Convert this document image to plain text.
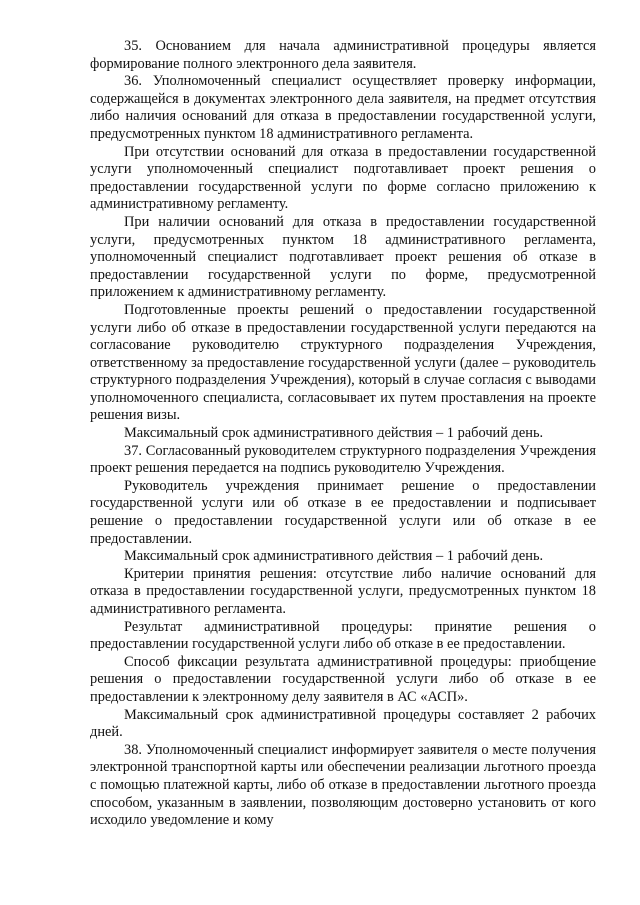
35. Основанием для начала административной процедуры является формирование полного электронного дела заявителя.

36. Уполномоченный специалист осуществляет проверку информации, содержащейся в документах электронного дела заявителя, на предмет отсутствия либо наличия оснований для отказа в предоставлении государственной услуги, предусмотренных пунктом 18 административного регламента.

При отсутствии оснований для отказа в предоставлении государственной услуги уполномоченный специалист подготавливает проект решения о предоставлении государственной услуги по форме согласно приложению к административному регламенту.

При наличии оснований для отказа в предоставлении государственной услуги, предусмотренных пунктом 18 административного регламента, уполномоченный специалист подготавливает проект решения об отказе в предоставлении государственной услуги по форме, предусмотренной приложением к административному регламенту.

Подготовленные проекты решений о предоставлении государственной услуги либо об отказе в предоставлении государственной услуги передаются на согласование руководителю структурного подразделения Учреждения, ответственному за предоставление государственной услуги (далее – руководитель структурного подразделения Учреждения), который в случае согласия с выводами уполномоченного специалиста, согласовывает их путем проставления на проекте решения визы.

Максимальный срок административного действия – 1 рабочий день.

37. Согласованный руководителем структурного подразделения Учреждения проект решения передается на подпись руководителю Учреждения.

Руководитель учреждения принимает решение о предоставлении государственной услуги или об отказе в ее предоставлении и подписывает решение о предоставлении государственной услуги или об отказе в ее предоставлении.

Максимальный срок административного действия – 1 рабочий день.

Критерии принятия решения: отсутствие либо наличие оснований для отказа в предоставлении государственной услуги, предусмотренных пунктом 18 административного регламента.

Результат административной процедуры: принятие решения о предоставлении государственной услуги либо об отказе в ее предоставлении.

Способ фиксации результата административной процедуры: приобщение решения о предоставлении государственной услуги либо об отказе в ее предоставлении к электронному делу заявителя в АС «АСП».

Максимальный срок административной процедуры составляет 2 рабочих дней.

38. Уполномоченный специалист информирует заявителя о месте получения электронной транспортной карты или обеспечении реализации льготного проезда с помощью платежной карты, либо об отказе в предоставлении льготного проезда способом, указанным в заявлении, позволяющим достоверно установить от кого исходило уведомление и кому
